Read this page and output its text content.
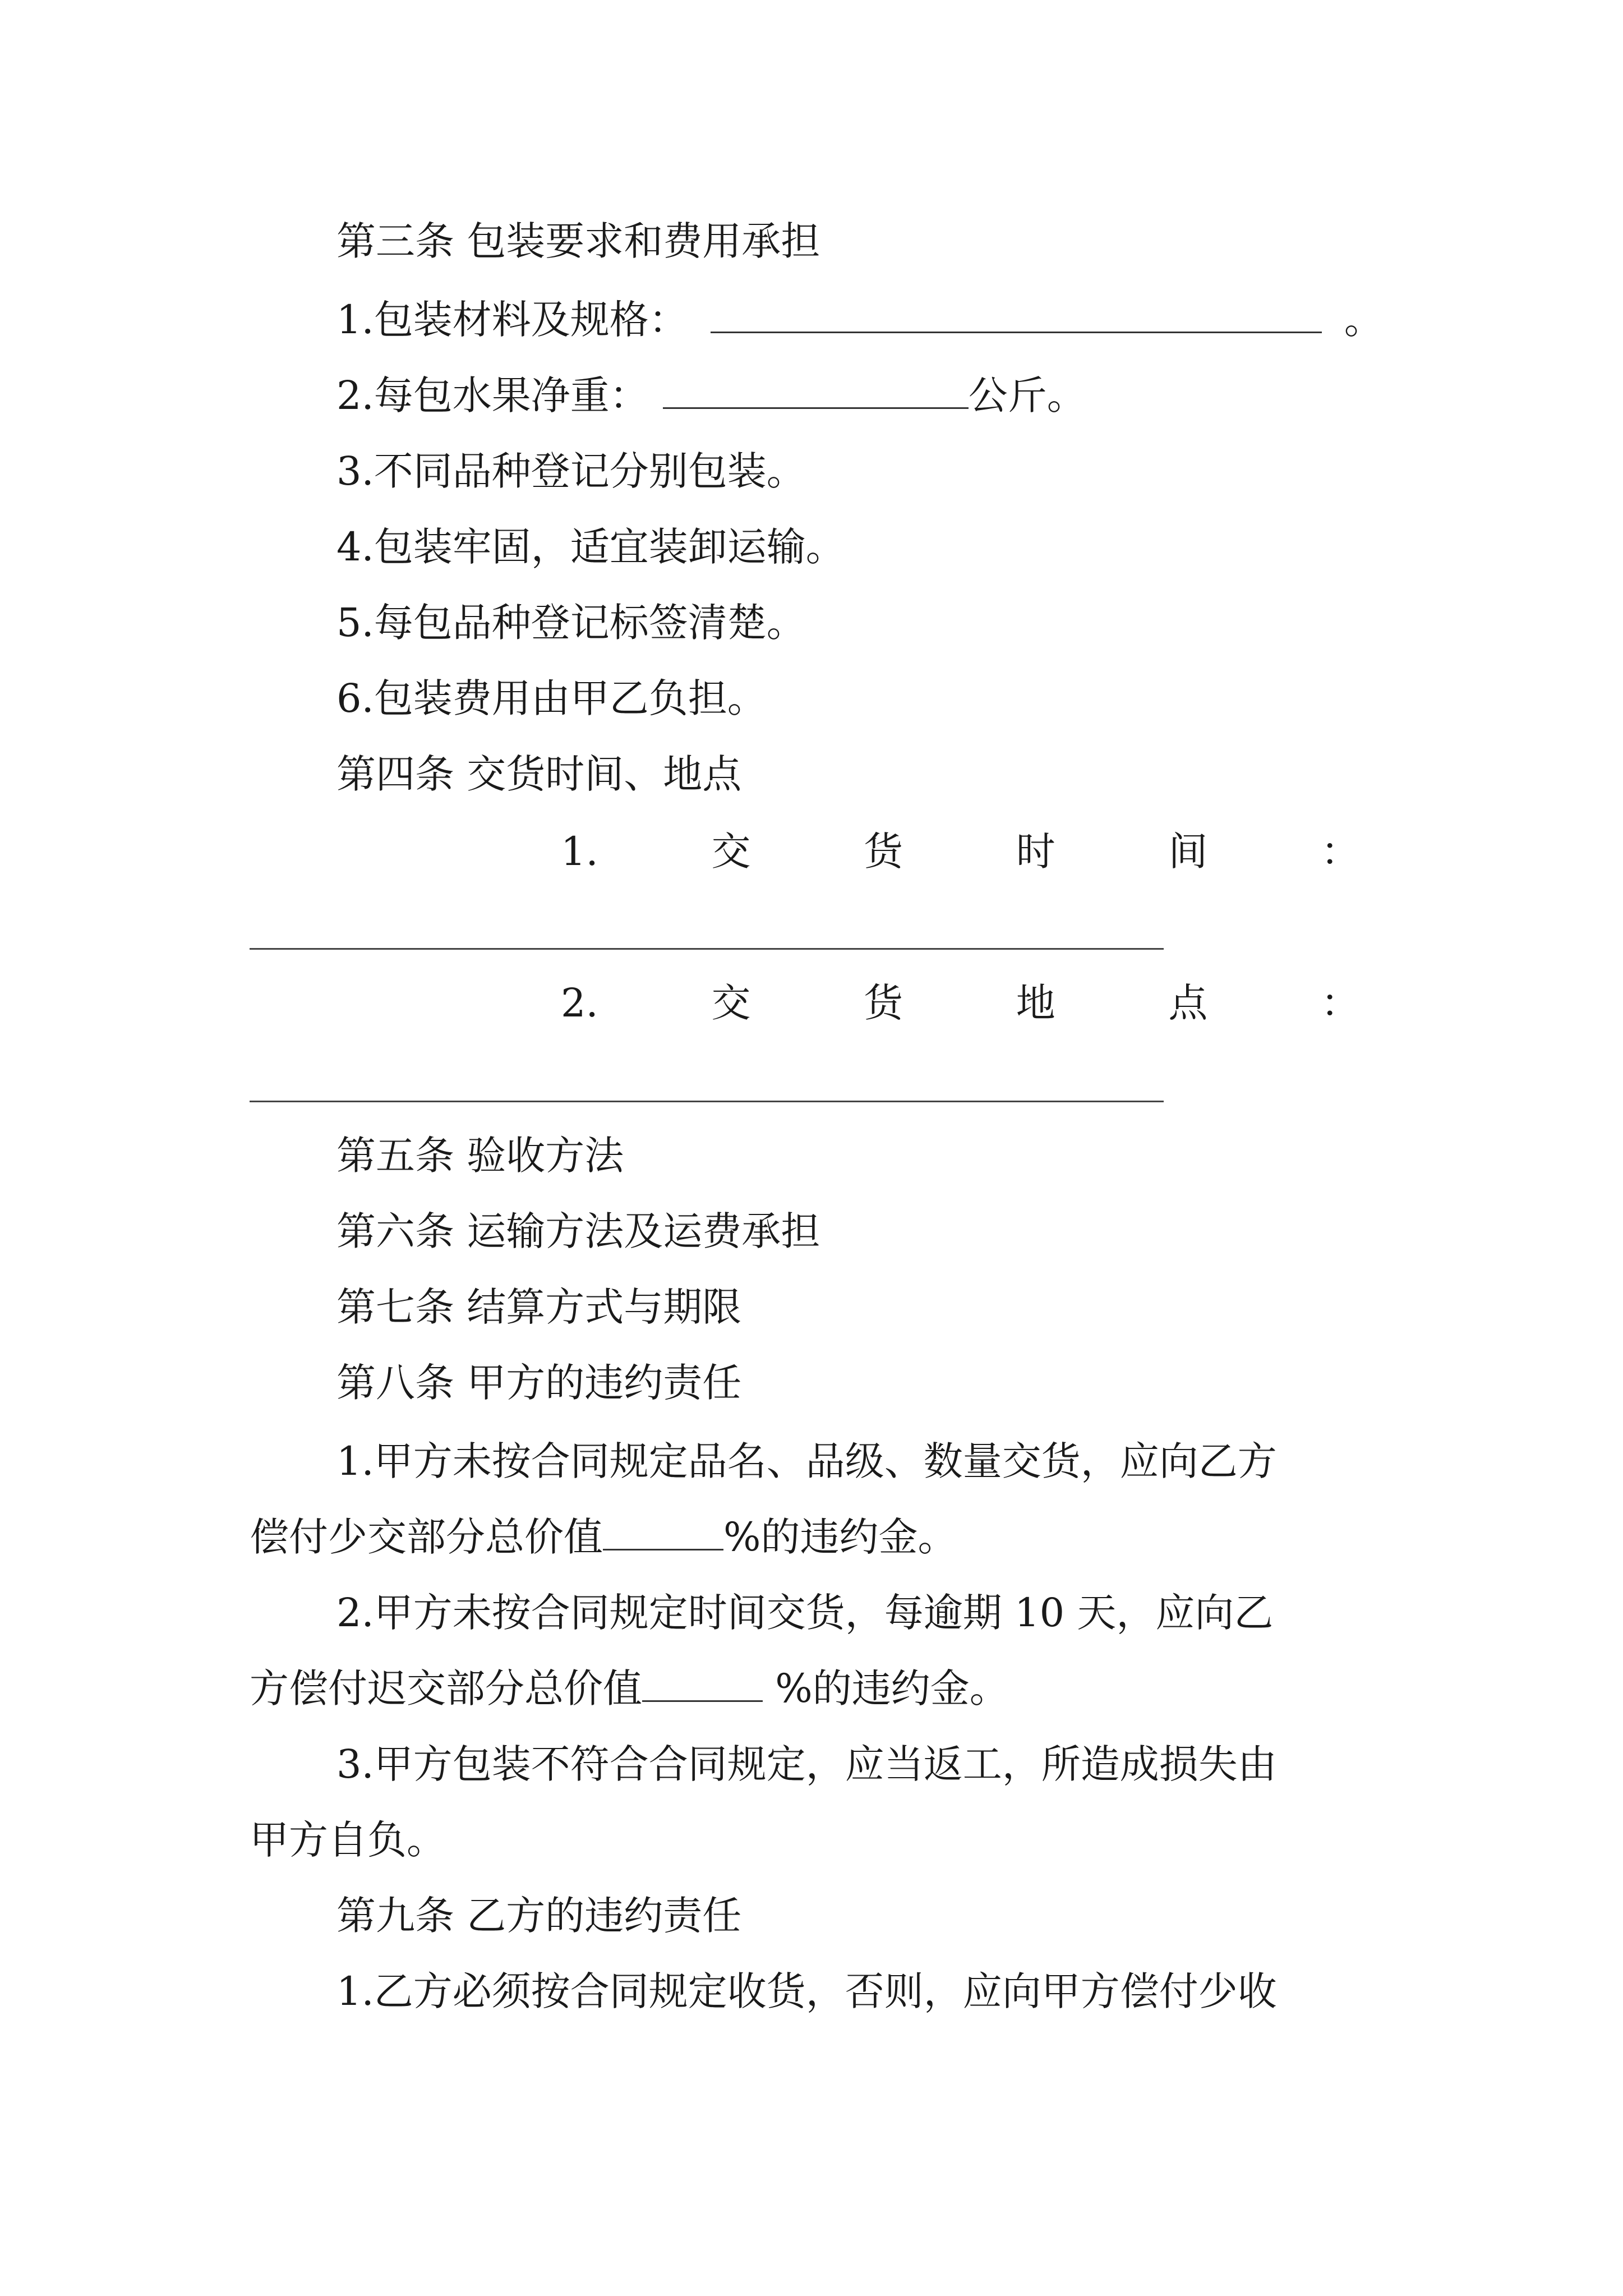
第三条 包装要求和费用承担
1.包装材料及规格：	。
2.每包水果净重：	公斤。
3.不同品种登记分别包装。
4.包装牢固，适宜装卸运输。
5.每包品种登记标签清楚。
6.包装费用由甲乙负担。
第四条 交货时间、地点
1.	交	货	时	间	：
2.	交	货	地	点	：
第五条 验收方法
第六条 运输方法及运费承担
第七条 结算方式与期限
第八条 甲方的违约责任
1.甲方未按合同规定品名、品级、数量交货，应向乙方
偿付少交部分总价值	%的违约金。
2.甲方未按合同规定时间交货，每逾期 10 天，应向乙
方偿付迟交部分总价值	%的违约金。
3.甲方包装不符合合同规定，应当返工，所造成损失由
甲方自负。
第九条 乙方的违约责任
1.乙方必须按合同规定收货，否则，应向甲方偿付少收
